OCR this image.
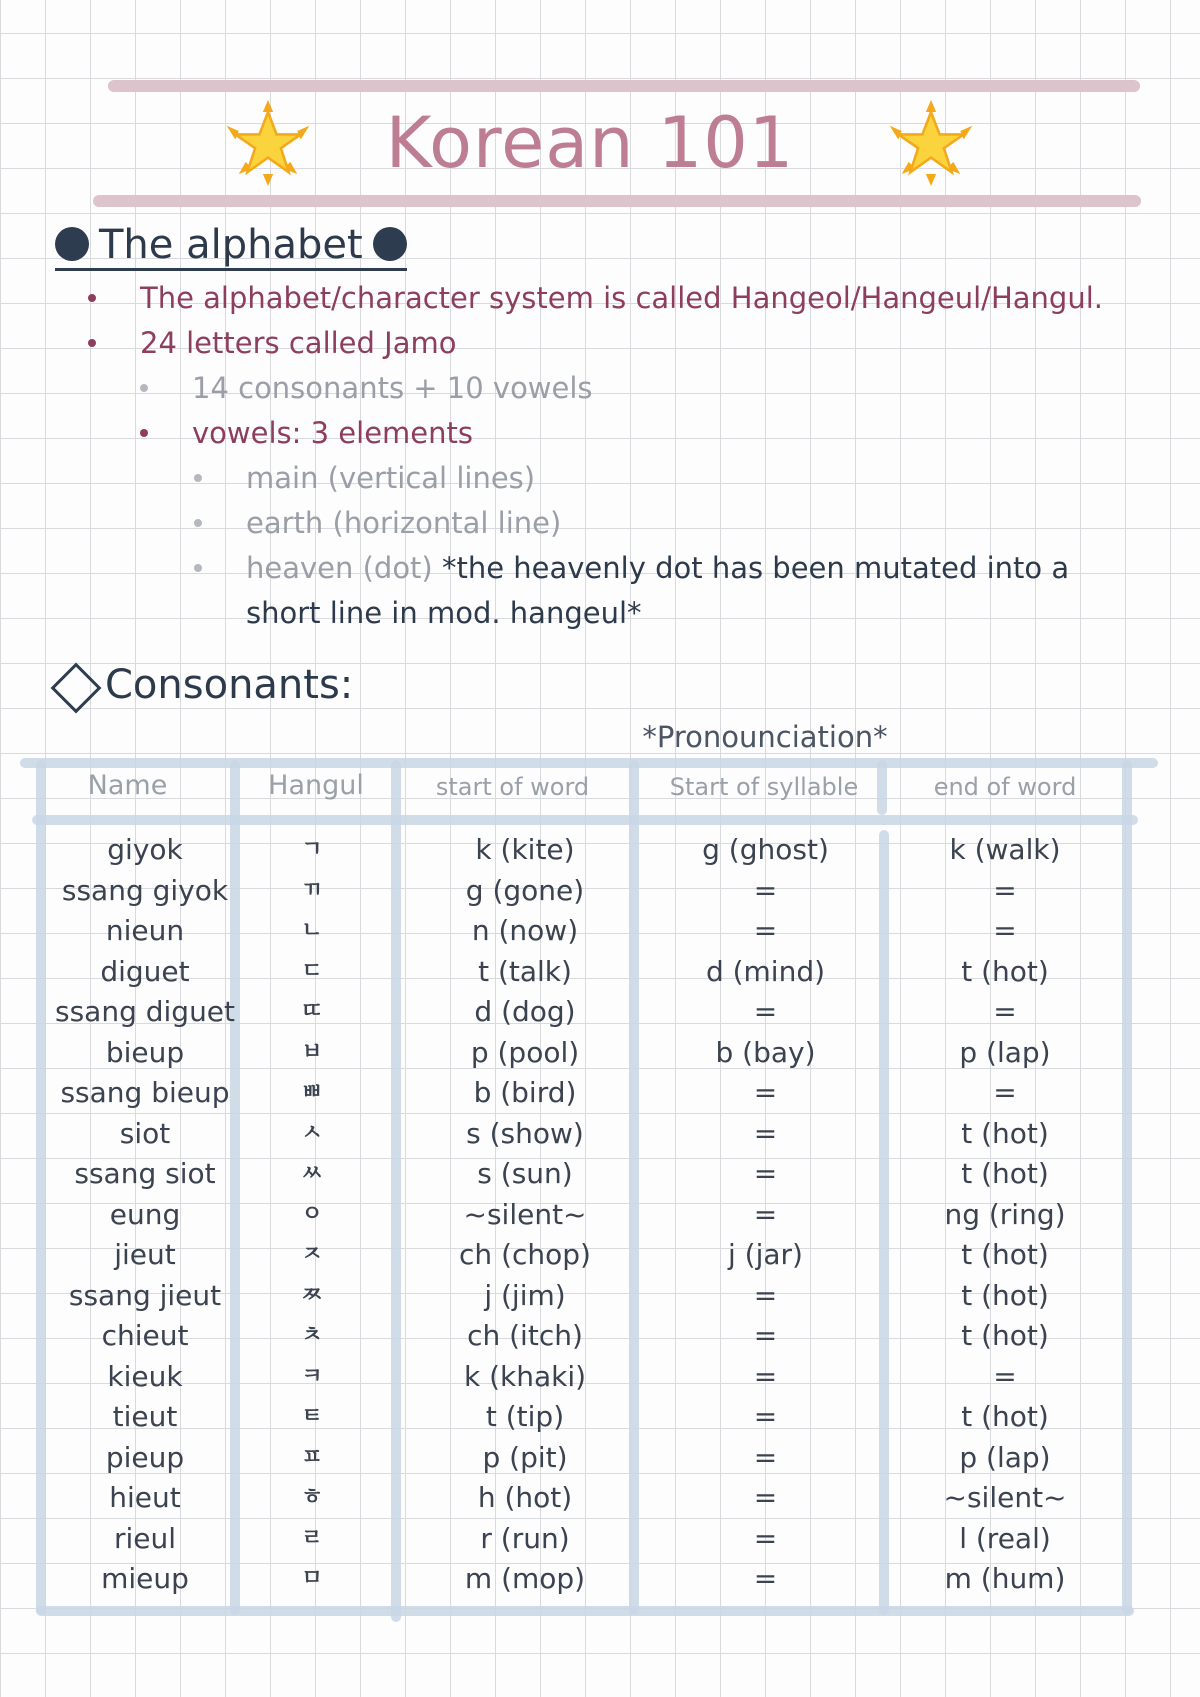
Korean 101
The alphabet
The alphabet/character system is called Hangeol/Hangeul/Hangul.
24 letters called Jamo
14 consonants + 10 vowels
vowels: 3 elements
main (vertical lines)
earth (horizontal line)
heaven (dot) *the heavenly dot has been mutated into a
short line in mod. hangeul*
Consonants:
*Pronounciation*
Name	Hangul	start of word	Start of syllable	end of word
giyok	ㄱ	k (kite)	g (ghost)	k (walk)
ssang giyok	ㄲ	g (gone)	=	=
nieun	ㄴ	n (now)	=	=
diguet	ㄷ	t (talk)	d (mind)	t (hot)
ssang diguet	ㄸ	d (dog)	=	=
bieup	ㅂ	p (pool)	b (bay)	p (lap)
ssang bieup	ㅃ	b (bird)	=	=
siot	ㅅ	s (show)	=	t (hot)
ssang siot	ㅆ	s (sun)	=	t (hot)
eung	ㅇ	~silent~	=	ng (ring)
jieut	ㅈ	ch (chop)	j (jar)	t (hot)
ssang jieut	ㅉ	j (jim)	=	t (hot)
chieut	ㅊ	ch (itch)	=	t (hot)
kieuk	ㅋ	k (khaki)	=	=
tieut	ㅌ	t (tip)	=	t (hot)
pieup	ㅍ	p (pit)	=	p (lap)
hieut	ㅎ	h (hot)	=	~silent~
rieul	ㄹ	r (run)	=	l (real)
mieup	ㅁ	m (mop)	=	m (hum)
